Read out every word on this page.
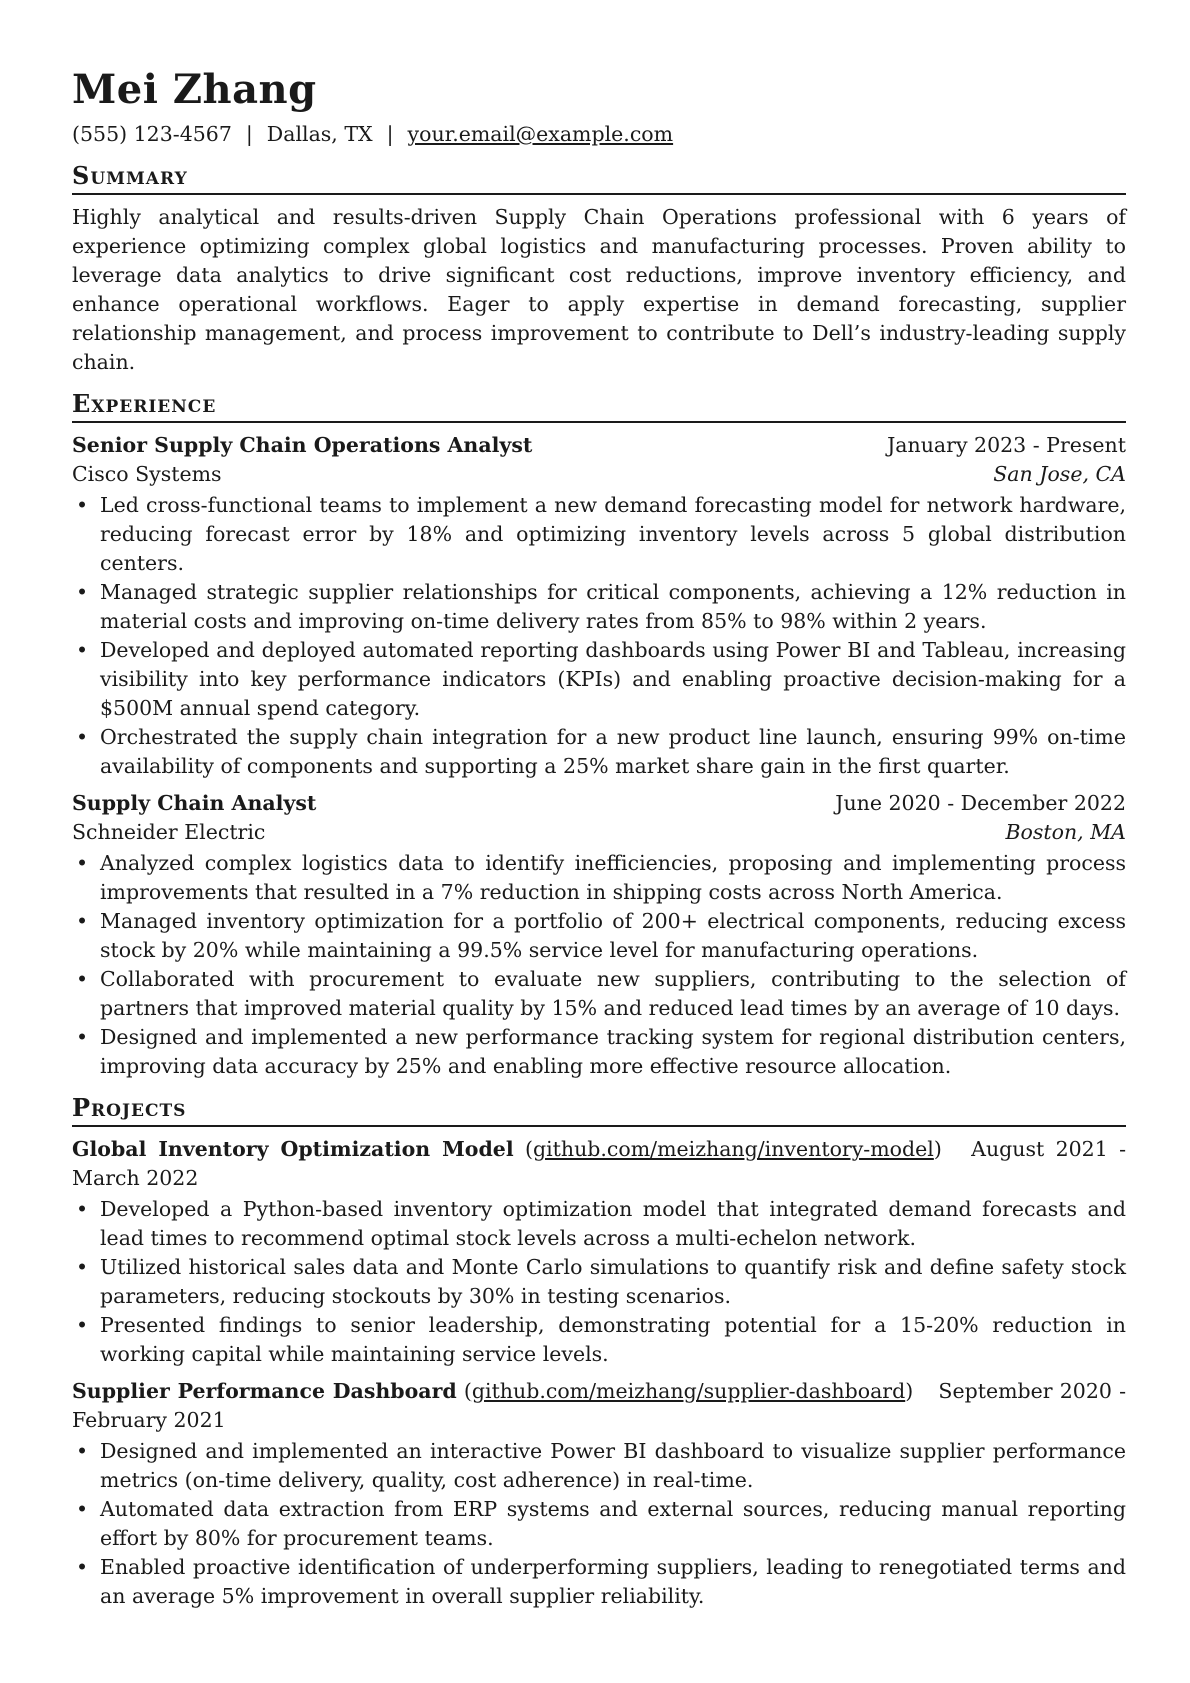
Mei Zhang
(555) 123-4567 | Dallas, TX | your.email@example.com
Summary

Highly analytical and results-driven Supply Chain Operations professional with 6 years of experience optimizing complex global logistics and manufacturing processes. Proven ability to leverage data analytics to drive significant cost reductions, improve inventory efficiency, and enhance operational workflows. Eager to apply expertise in demand forecasting, supplier relationship management, and process improvement to contribute to Dell’s industry-leading supply chain.

Experience
Senior Supply Chain Operations Analyst	January 2023 - Present
Cisco Systems	San Jose, CA
• Led cross-functional teams to implement a new demand forecasting model for network hardware, reducing forecast error by 18% and optimizing inventory levels across 5 global distribution centers.
• Managed strategic supplier relationships for critical components, achieving a 12% reduction in material costs and improving on-time delivery rates from 85% to 98% within 2 years.
• Developed and deployed automated reporting dashboards using Power BI and Tableau, increasing visibility into key performance indicators (KPIs) and enabling proactive decision-making for a $500M annual spend category.
• Orchestrated the supply chain integration for a new product line launch, ensuring 99% on-time availability of components and supporting a 25% market share gain in the first quarter.
Supply Chain Analyst	June 2020 - December 2022
Schneider Electric	Boston, MA
• Analyzed complex logistics data to identify inefficiencies, proposing and implementing process improvements that resulted in a 7% reduction in shipping costs across North America.
• Managed inventory optimization for a portfolio of 200+ electrical components, reducing excess stock by 20% while maintaining a 99.5% service level for manufacturing operations.
• Collaborated with procurement to evaluate new suppliers, contributing to the selection of partners that improved material quality by 15% and reduced lead times by an average of 10 days.
• Designed and implemented a new performance tracking system for regional distribution centers, improving data accuracy by 25% and enabling more effective resource allocation.
Projects
Global Inventory Optimization Model (github.com/meizhang/inventory-model) August 2021 - March 2022
• Developed a Python-based inventory optimization model that integrated demand forecasts and lead times to recommend optimal stock levels across a multi-echelon network.
• Utilized historical sales data and Monte Carlo simulations to quantify risk and define safety stock parameters, reducing stockouts by 30% in testing scenarios.
• Presented findings to senior leadership, demonstrating potential for a 15-20% reduction in working capital while maintaining service levels.
Supplier Performance Dashboard (github.com/meizhang/supplier-dashboard) September 2020 - February 2021
• Designed and implemented an interactive Power BI dashboard to visualize supplier performance metrics (on-time delivery, quality, cost adherence) in real-time.
• Automated data extraction from ERP systems and external sources, reducing manual reporting effort by 80% for procurement teams.
• Enabled proactive identification of underperforming suppliers, leading to renegotiated terms and an average 5% improvement in overall supplier reliability.
